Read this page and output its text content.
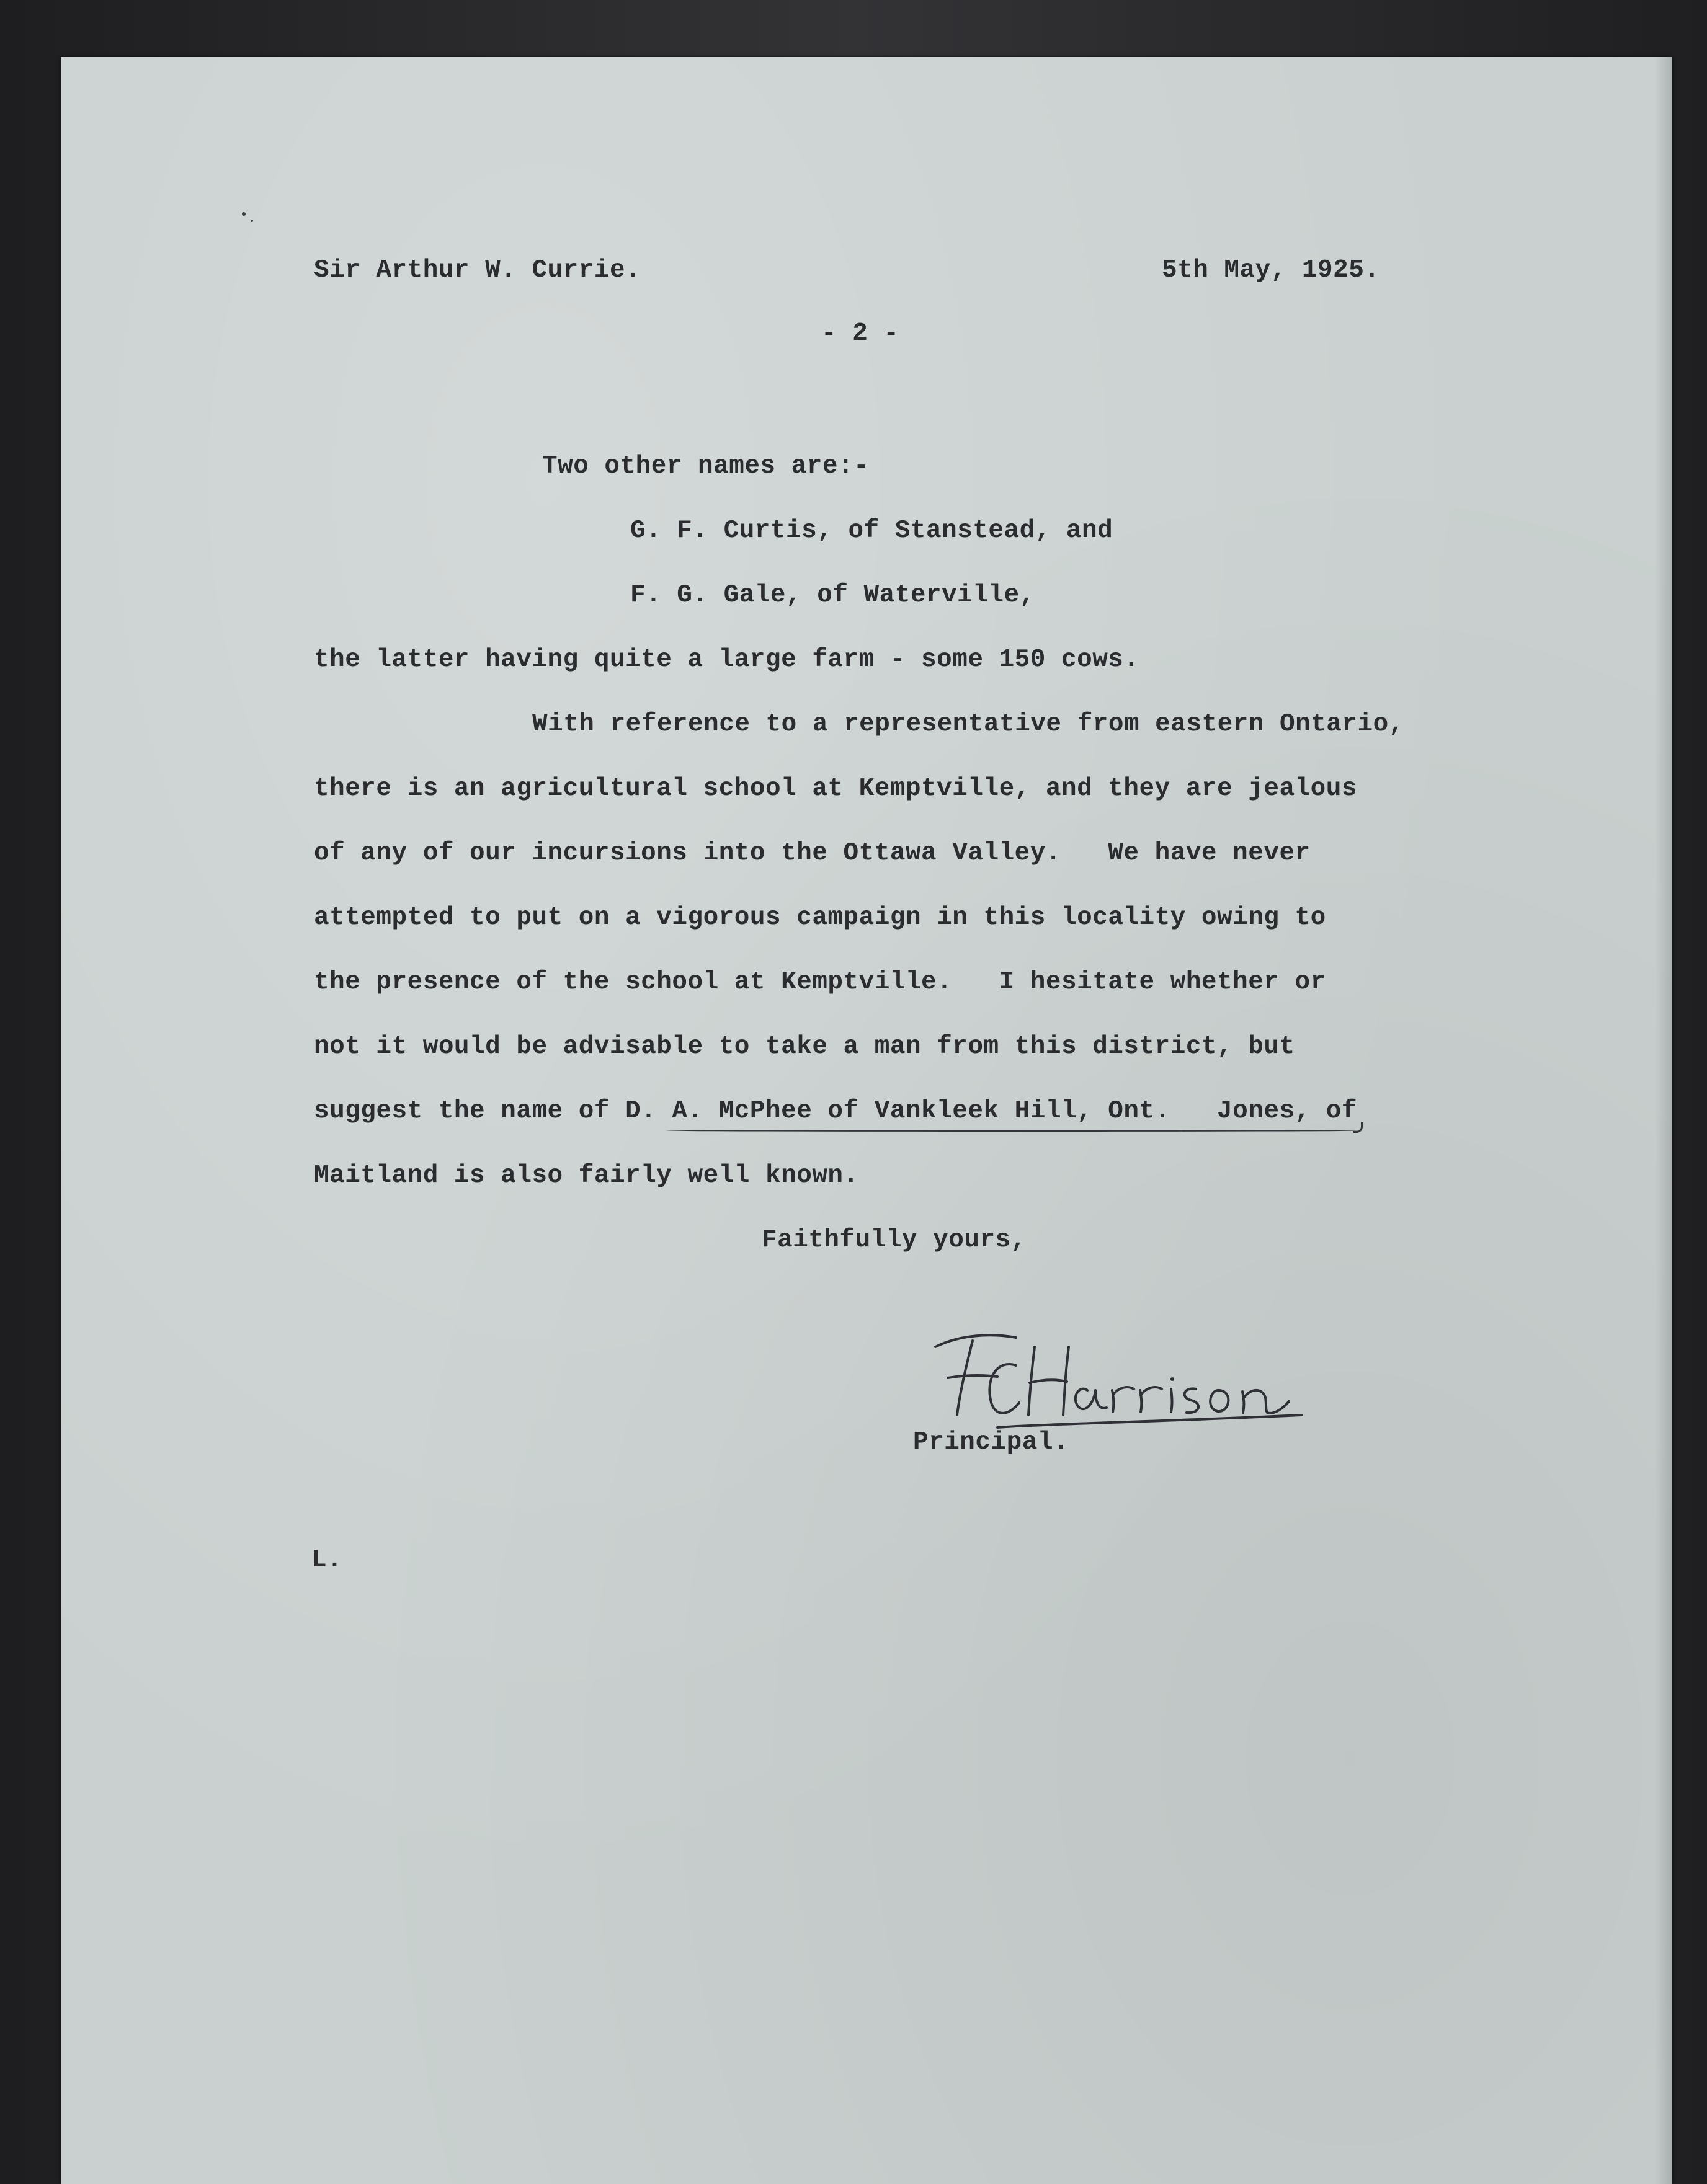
Sir Arthur W. Currie.	5th May, 1925.
- 2 -
Two other names are:-
G. F. Curtis, of Stanstead, and
F. G. Gale, of Waterville,
the latter having quite a large farm - some 150 cows.
With reference to a representative from eastern Ontario,
there is an agricultural school at Kemptville, and they are jealous
of any of our incursions into the Ottawa Valley.   We have never
attempted to put on a vigorous campaign in this locality owing to
the presence of the school at Kemptville.   I hesitate whether or
not it would be advisable to take a man from this district, but
suggest the name of D. A. McPhee of Vankleek Hill, Ont.   Jones, of
Maitland is also fairly well known.
Faithfully yours,
Principal.
L.
